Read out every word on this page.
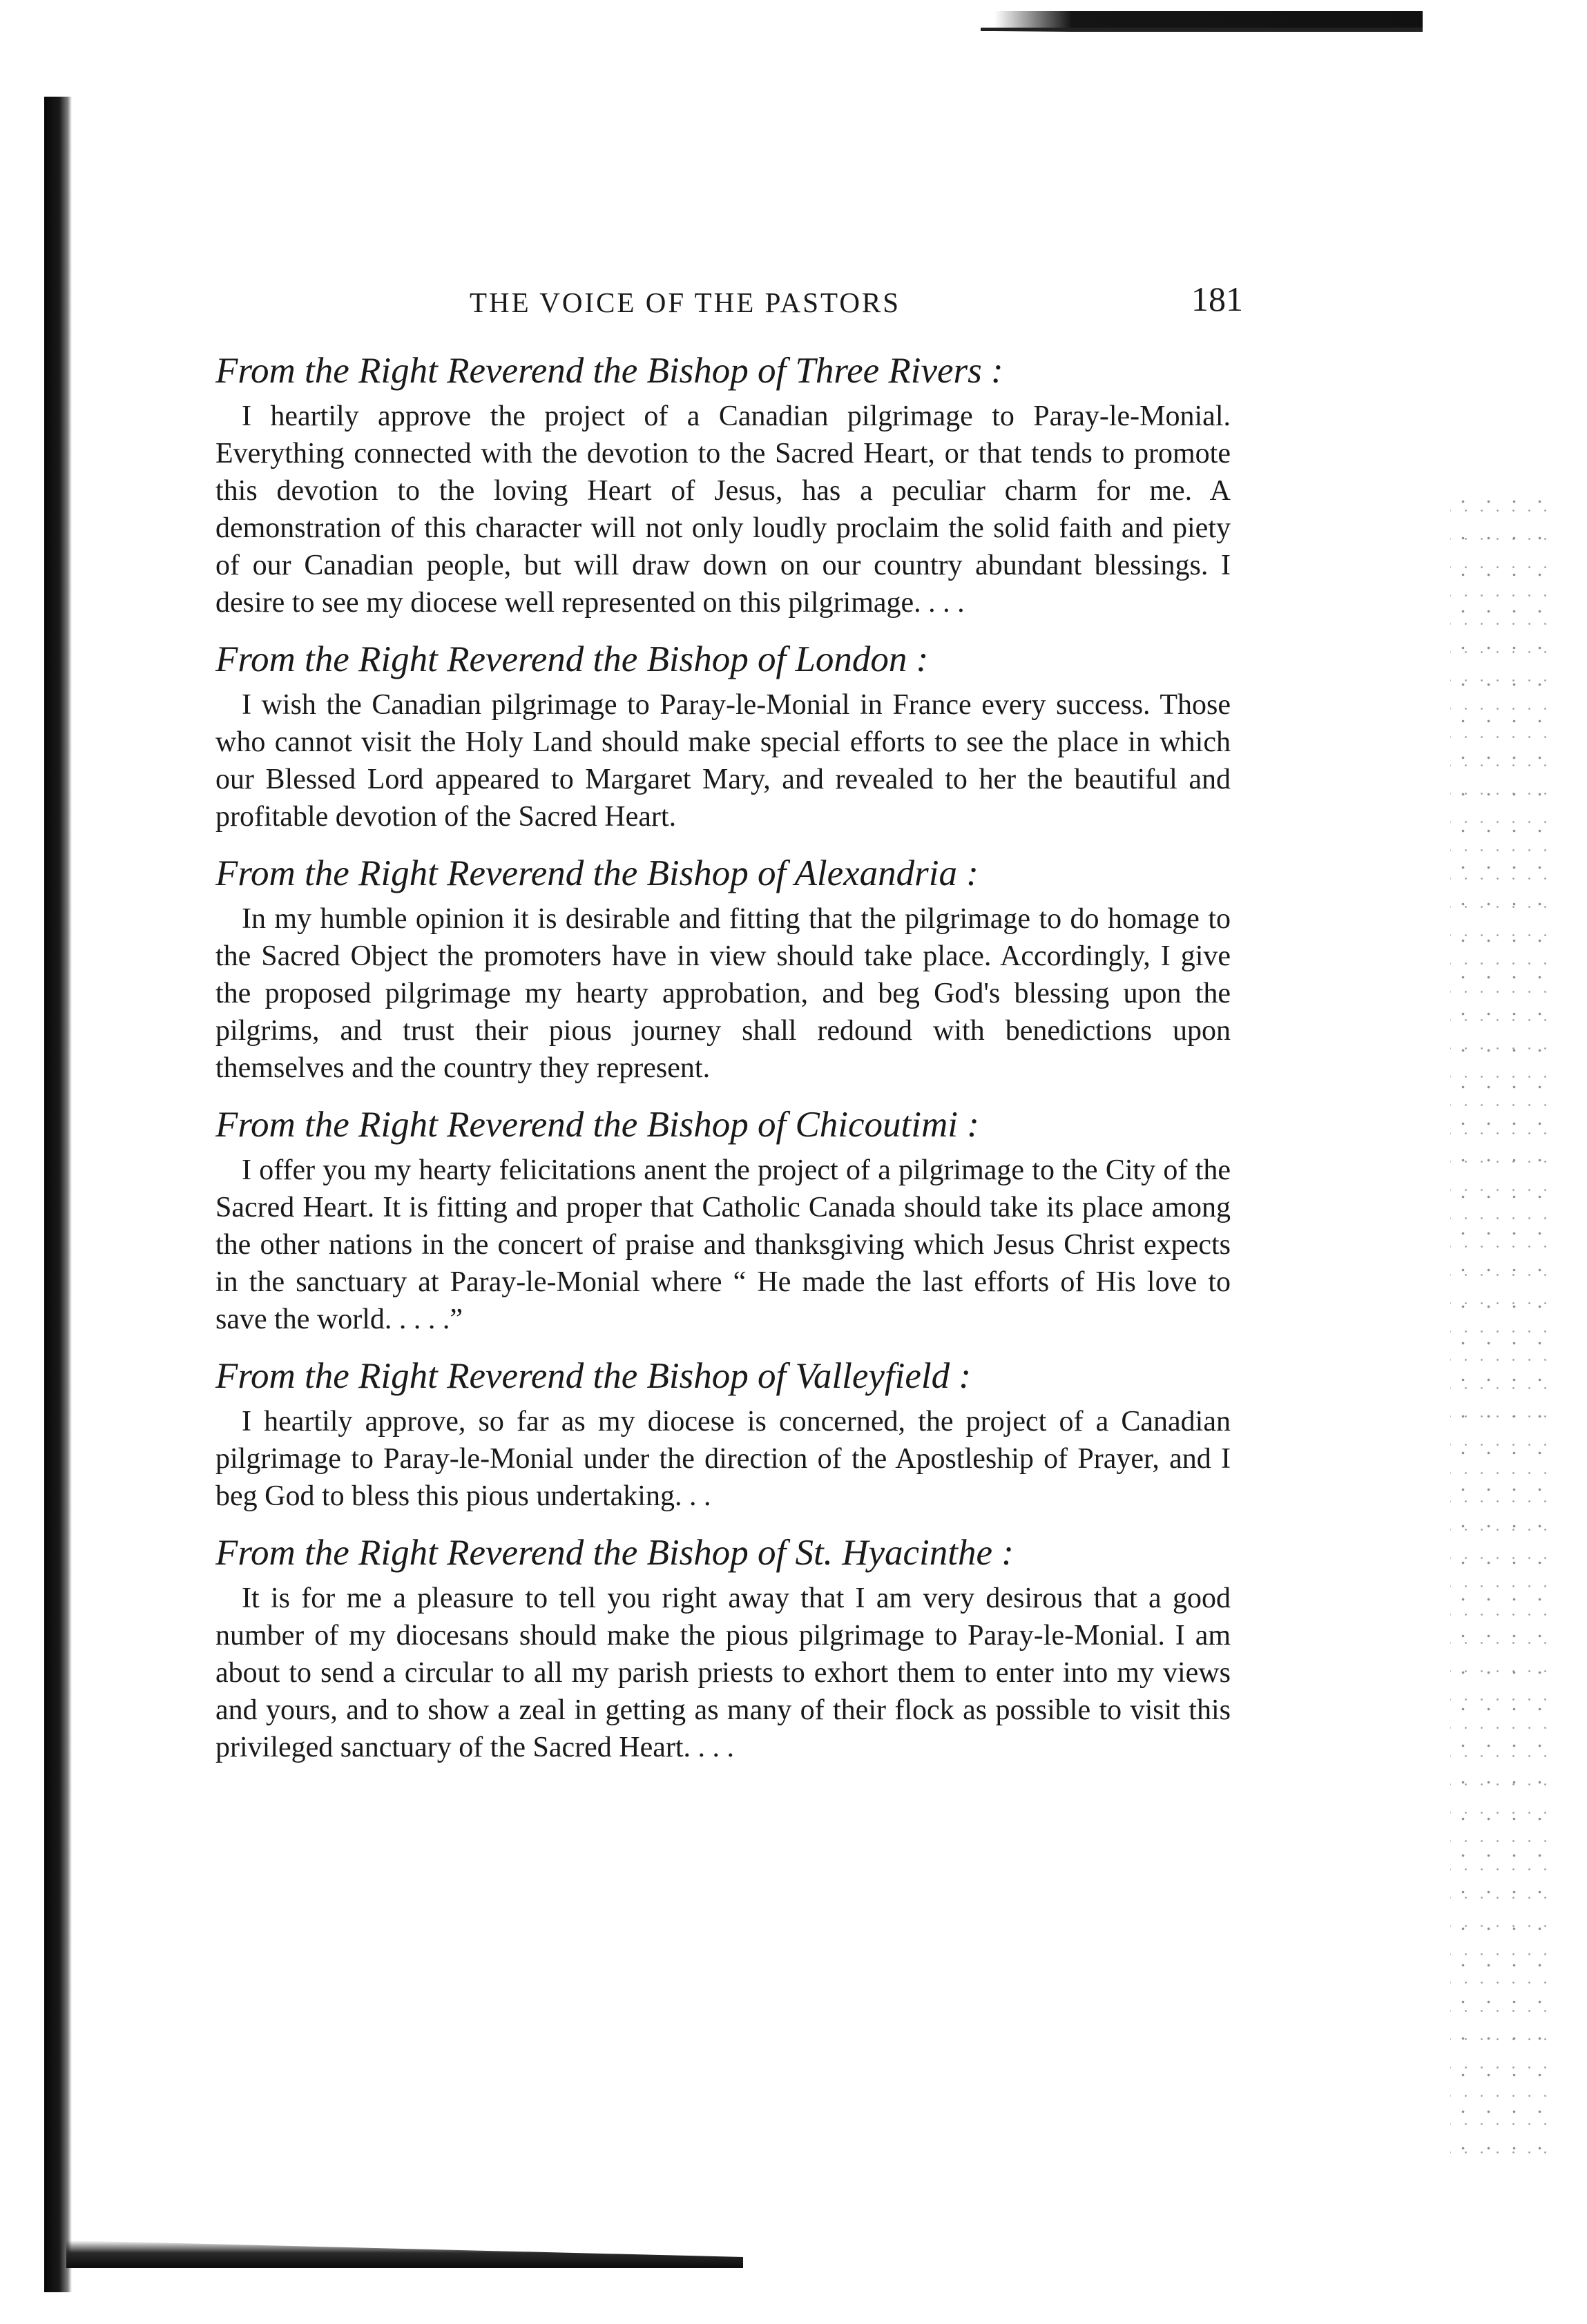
THE VOICE OF THE PASTORS	181

From the Right Reverend the Bishop of Three Rivers :

I heartily approve the project of a Canadian pilgrimage to Paray-le-Monial. Everything connected with the devotion to the Sacred Heart, or that tends to promote this devotion to the loving Heart of Jesus, has a peculiar charm for me. A demonstration of this character will not only loudly proclaim the solid faith and piety of our Canadian people, but will draw down on our country abundant blessings. I desire to see my diocese well represented on this pilgrimage. . . .

From the Right Reverend the Bishop of London :

I wish the Canadian pilgrimage to Paray-le-Monial in France every success. Those who cannot visit the Holy Land should make special efforts to see the place in which our Blessed Lord appeared to Margaret Mary, and revealed to her the beautiful and profitable devotion of the Sacred Heart.

From the Right Reverend the Bishop of Alexandria :

In my humble opinion it is desirable and fitting that the pilgrimage to do homage to the Sacred Object the promoters have in view should take place. Accordingly, I give the proposed pilgrimage my hearty approbation, and beg God's blessing upon the pilgrims, and trust their pious journey shall redound with benedictions upon themselves and the country they represent.

From the Right Reverend the Bishop of Chicoutimi :

I offer you my hearty felicitations anent the project of a pilgrimage to the City of the Sacred Heart. It is fitting and proper that Catholic Canada should take its place among the other nations in the concert of praise and thanksgiving which Jesus Christ expects in the sanctuary at Paray-le-Monial where “ He made the last efforts of His love to save the world. . . . .”

From the Right Reverend the Bishop of Valleyfield :

I heartily approve, so far as my diocese is concerned, the project of a Canadian pilgrimage to Paray-le-Monial under the direction of the Apostleship of Prayer, and I beg God to bless this pious undertaking. . .

From the Right Reverend the Bishop of St. Hyacinthe :

It is for me a pleasure to tell you right away that I am very desirous that a good number of my diocesans should make the pious pilgrimage to Paray-le-Monial. I am about to send a circular to all my parish priests to exhort them to enter into my views and yours, and to show a zeal in getting as many of their flock as possible to visit this privileged sanctuary of the Sacred Heart. . . .
